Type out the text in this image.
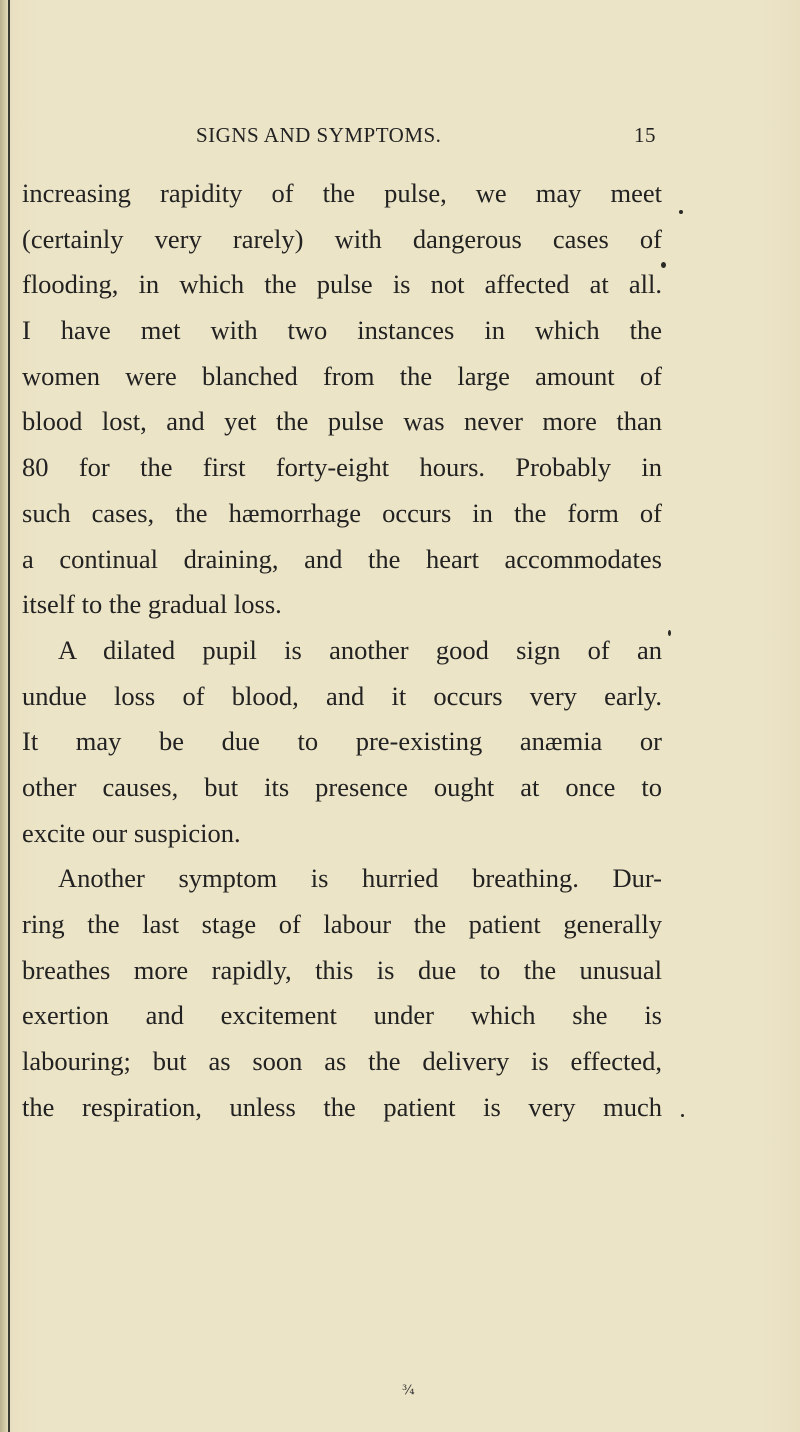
SIGNS AND SYMPTOMS.	15
increasing rapidity of the pulse, we may meet
(certainly very rarely) with dangerous cases of
flooding, in which the pulse is not affected at all.
I have met with two instances in which the
women were blanched from the large amount of
blood lost, and yet the pulse was never more than
80 for the first forty-eight hours. Probably in
such cases, the hæmorrhage occurs in the form of
a continual draining, and the heart accommodates
itself to the gradual loss.
A dilated pupil is another good sign of an
undue loss of blood, and it occurs very early.
It may be due to pre-existing anæmia or
other causes, but its presence ought at once to
excite our suspicion.
Another symptom is hurried breathing. Dur-
ring the last stage of labour the patient generally
breathes more rapidly, this is due to the unusual
exertion and excitement under which she is
labouring; but as soon as the delivery is effected,
the respiration, unless the patient is very much
¾
